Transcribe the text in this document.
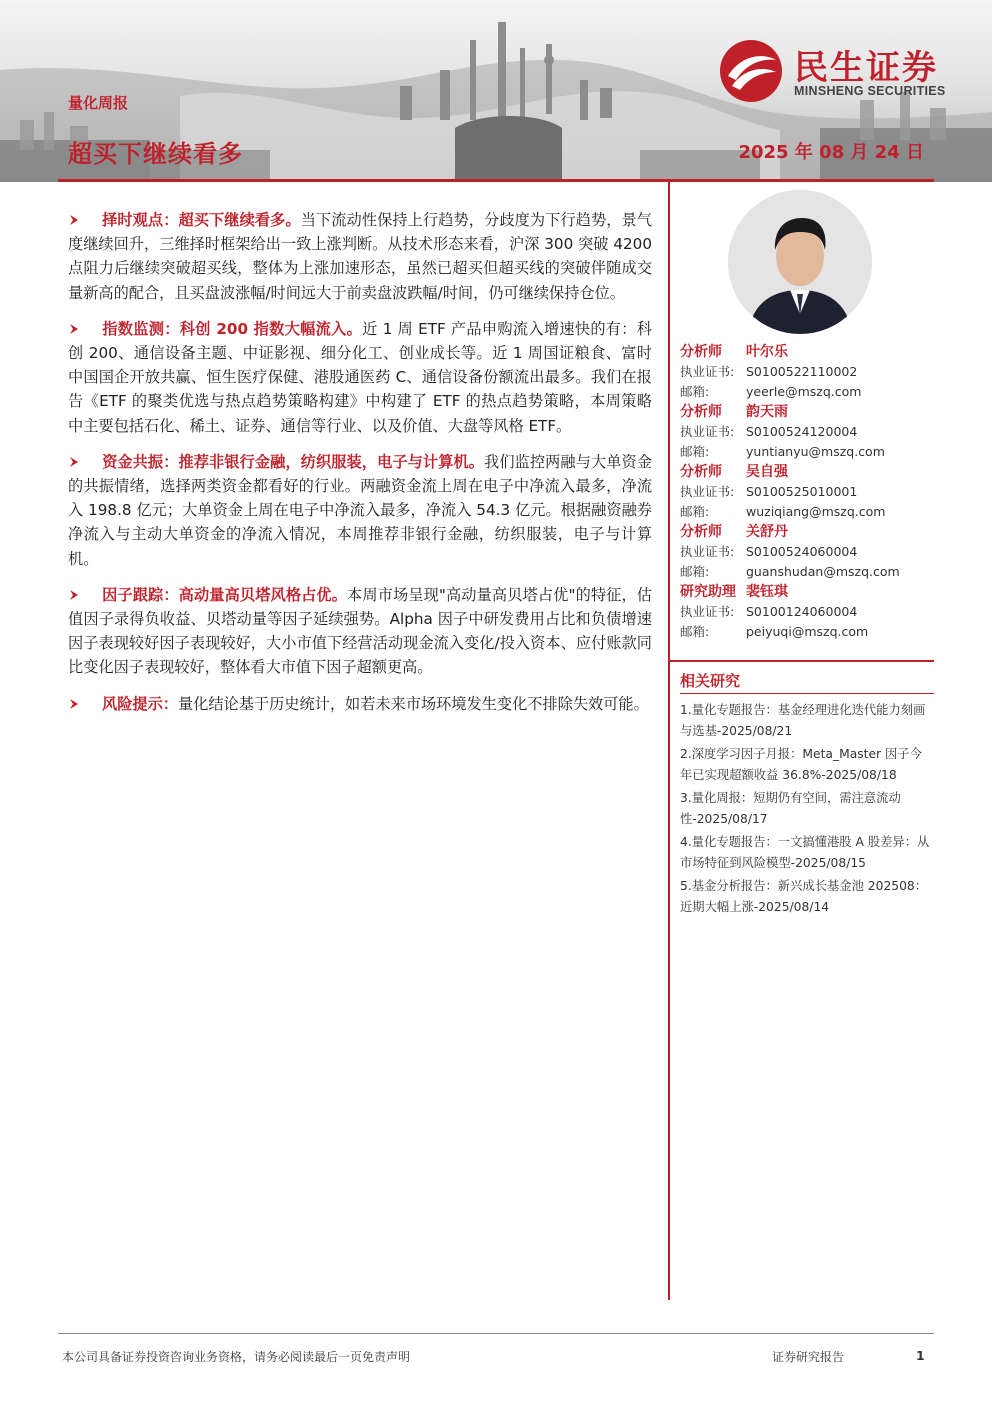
量化周报
超买下继续看多	2025 年 08 月 24 日
民生证券
MINSHENG SECURITIES

择时观点：超买下继续看多。当下流动性保持上行趋势，分歧度为下行趋势，景气度继续回升，三维择时框架给出一致上涨判断。从技术形态来看，沪深 300 突破 4200 点阻力后继续突破超买线，整体为上涨加速形态，虽然已超买但超买线的突破伴随成交量新高的配合，且买盘波涨幅/时间远大于前卖盘波跌幅/时间，仍可继续保持仓位。

指数监测：科创 200 指数大幅流入。近 1 周 ETF 产品申购流入增速快的有：科创 200、通信设备主题、中证影视、细分化工、创业成长等。近 1 周国证粮食、富时中国国企开放共赢、恒生医疗保健、港股通医药 C、通信设备份额流出最多。我们在报告《ETF 的聚类优选与热点趋势策略构建》中构建了 ETF 的热点趋势策略，本周策略中主要包括石化、稀土、证券、通信等行业、以及价值、大盘等风格 ETF。

资金共振：推荐非银行金融，纺织服装，电子与计算机。我们监控两融与大单资金的共振情绪，选择两类资金都看好的行业。两融资金流上周在电子中净流入最多，净流入 198.8 亿元；大单资金上周在电子中净流入最多，净流入 54.3 亿元。根据融资融券净流入与主动大单资金的净流入情况，本周推荐非银行金融，纺织服装，电子与计算机。

因子跟踪：高动量高贝塔风格占优。本周市场呈现"高动量高贝塔占优"的特征，估值因子录得负收益、贝塔动量等因子延续强势。Alpha 因子中研发费用占比和负债增速因子表现较好因子表现较好，大小市值下经营活动现金流入变化/投入资本、应付账款同比变化因子表现较好，整体看大市值下因子超额更高。

风险提示：量化结论基于历史统计，如若未来市场环境发生变化不排除失效可能。

分析师 叶尔乐
执业证书: S0100522110002
邮箱:	yeerle@mszq.com
分析师 韵天雨
执业证书: S0100524120004
邮箱:	yuntianyu@mszq.com
分析师 吴自强
执业证书: S0100525010001
邮箱:	wuziqiang@mszq.com
分析师 关舒丹
执业证书: S0100524060004
邮箱:	guanshudan@mszq.com
研究助理 裴钰琪
执业证书: S0100124060004
邮箱:	peiyuqi@mszq.com
相关研究
1.量化专题报告：基金经理进化迭代能力刻画与选基-2025/08/21
2.深度学习因子月报：Meta_Master 因子今年已实现超额收益 36.8%-2025/08/18
3.量化周报：短期仍有空间，需注意流动性-2025/08/17
4.量化专题报告：一文搞懂港股 A 股差异：从市场特征到风险模型-2025/08/15
5.基金分析报告：新兴成长基金池 202508：近期大幅上涨-2025/08/14
本公司具备证券投资咨询业务资格，请务必阅读最后一页免责声明	证券研究报告	1
